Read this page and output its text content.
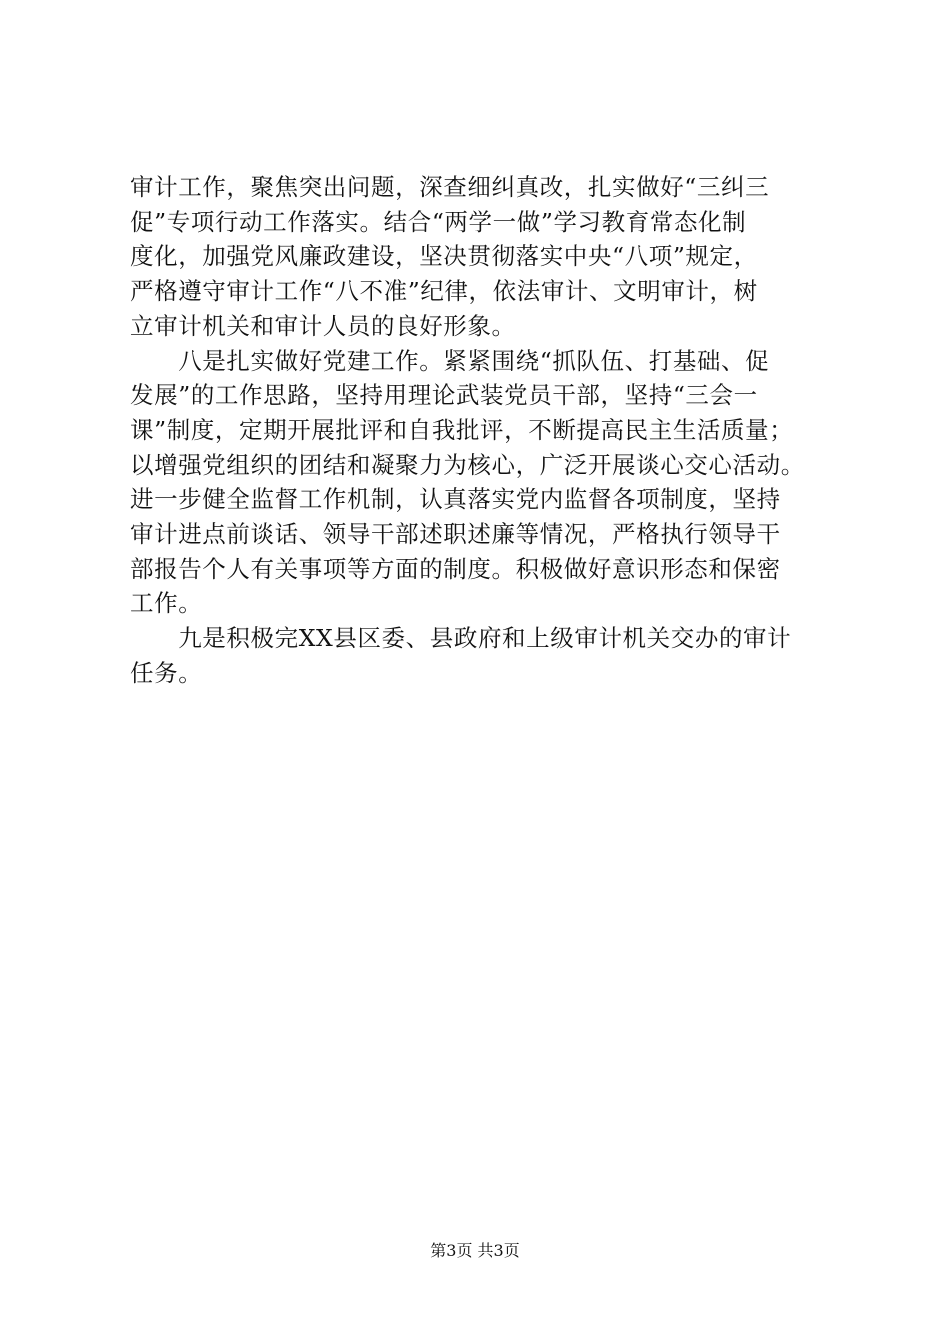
审计工作，聚焦突出问题，深查细纠真改，扎实做好“三纠三
促”专项行动工作落实。结合“两学一做”学习教育常态化制
度化，加强党风廉政建设，坚决贯彻落实中央“八项”规定，
严格遵守审计工作“八不准”纪律，依法审计、文明审计，树
立审计机关和审计人员的良好形象。

　　八是扎实做好党建工作。紧紧围绕“抓队伍、打基础、促
发展”的工作思路，坚持用理论武装党员干部，坚持“三会一
课”制度，定期开展批评和自我批评，不断提高民主生活质量；
以增强党组织的团结和凝聚力为核心，广泛开展谈心交心活动。
进一步健全监督工作机制，认真落实党内监督各项制度，坚持
审计进点前谈话、领导干部述职述廉等情况，严格执行领导干
部报告个人有关事项等方面的制度。积极做好意识形态和保密
工作。

　　九是积极完XX县区委、县政府和上级审计机关交办的审计
任务。

第3页 共3页
